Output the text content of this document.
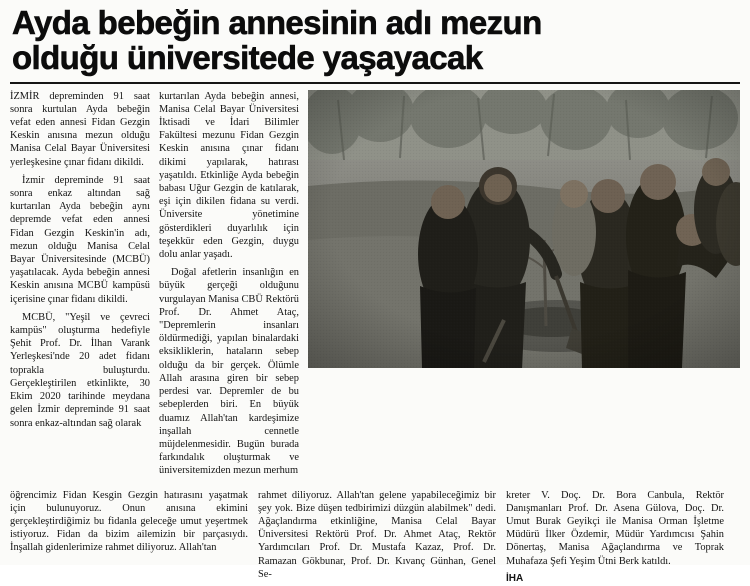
Ayda bebeğin annesinin adı mezun
olduğu üniversitede yaşayacak

İZMİR depreminden 91 saat sonra kurtulan Ayda bebeğin vefat eden annesi Fidan Gezgin Keskin anısına mezun olduğu Manisa Celal Bayar Üniversitesi yerleşkesine çınar fidanı dikildi.

İzmir depreminde 91 saat sonra enkaz altından sağ kurtarılan Ayda bebeğin aynı depremde vefat eden annesi Fidan Gezgin Keskin'in adı, mezun olduğu Manisa Celal Bayar Üniversitesinde (MCBÜ) yaşatılacak. Ayda bebeğin annesi Keskin anısına MCBÜ kampüsü içerisine çınar fidanı dikildi.

MCBÜ, "Yeşil ve çevreci kampüs" oluşturma hedefiyle Şehit Prof. Dr. İlhan Varank Yerleşkesi'nde 20 adet fidanı toprakla buluşturdu. Gerçekleştirilen etkinlikte, 30 Ekim 2020 tarihinde meydana gelen İzmir depreminde 91 saat sonra enkaz-altından sağ olarak

kurtarılan Ayda bebeğin annesi, Manisa Celal Bayar Üniversitesi İktisadi ve İdari Bilimler Fakültesi mezunu Fidan Gezgin Keskin anısına çınar fidanı dikimi yapılarak, hatırası yaşatıldı. Etkinliğe Ayda bebeğin babası Uğur Gezgin de katılarak, eşi için dikilen fidana su verdi. Üniversite yönetimine gösterdikleri duyarlılık için teşekkür eden Gezgin, duygu dolu anlar yaşadı.

Doğal afetlerin insanlığın en büyük gerçeği olduğunu vurgulayan Manisa CBÜ Rektörü Prof. Dr. Ahmet Ataç, "Depremlerin insanları öldürmediği, yapılan binalardaki eksikliklerin, hataların sebep olduğu da bir gerçek. Ölümle Allah arasına giren bir sebep perdesi var. Depremler de bu sebeplerden biri. En büyük duamız Allah'tan kardeşimize inşallah cennetle müjdelenmesidir. Bugün burada farkındalık oluşturmak ve üniversitemizden mezun merhum

öğrencimiz Fidan Kesgin Gezgin hatırasını yaşatmak için bulunuyoruz. Onun anısına ekimini gerçekleştirdiğimiz bu fidanla geleceğe umut yeşertmek istiyoruz. Fidan da bizim ailemizin bir parçasıydı. İnşallah gidenlerimize rahmet diliyoruz. Allah'tan

rahmet diliyoruz. Allah'tan gelene yapabileceğimiz bir şey yok. Bize düşen tedbirimizi düzgün alabilmek" dedi. Ağaçlandırma etkinliğine, Manisa Celal Bayar Üniversitesi Rektörü Prof. Dr. Ahmet Ataç, Rektör Yardımcıları Prof. Dr. Mustafa Kazaz, Prof. Dr. Ramazan Gökbunar, Prof. Dr. Kıvanç Günhan, Genel Se-

kreter V. Doç. Dr. Bora Canbula, Rektör Danışmanları Prof. Dr. Asena Gülova, Doç. Dr. Umut Burak Geyikçi ile Manisa Orman İşletme Müdürü İlker Özdemir, Müdür Yardımcısı Şahin Dönertaş, Manisa Ağaçlandırma ve Toprak Muhafaza Şefi Yeşim Ütni Berk katıldı.

İHA
